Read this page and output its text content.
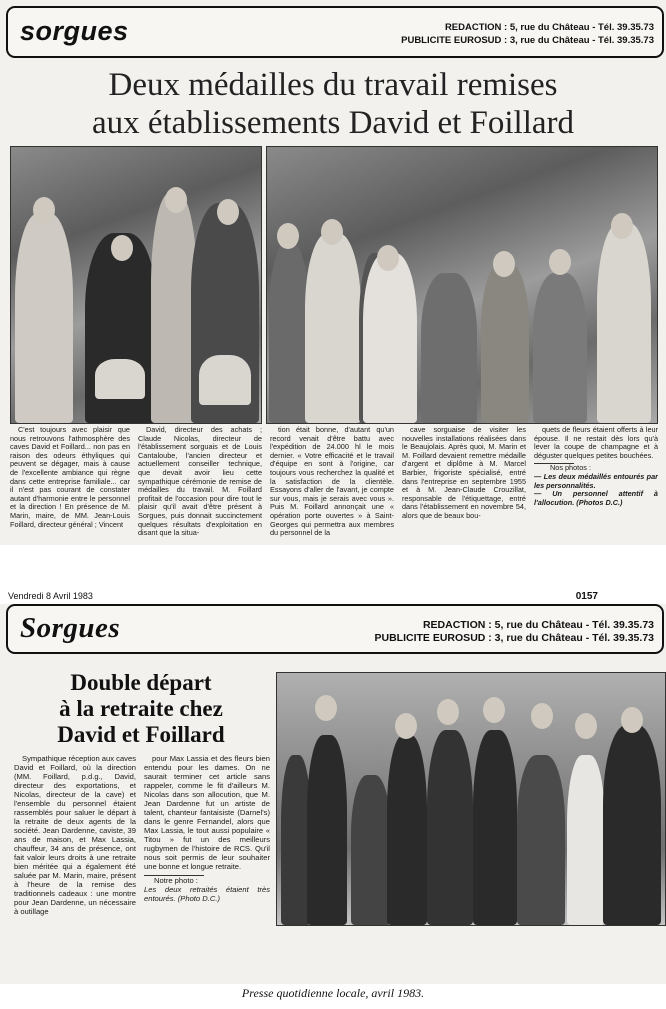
sorgues	REDACTION : 5, rue du Château - Tél. 39.35.73
PUBLICITE EUROSUD : 3, rue du Château - Tél. 39.35.73
Deux médailles du travail remises
aux établissements David et Foillard

C'est toujours avec plaisir que nous retrouvons l'athmosphère des caves David et Foillard... non pas en raison des odeurs éthyliques qui peuvent se dégager, mais à cause de l'excellente ambiance qui règne dans cette entreprise familiale... car il n'est pas courant de constater autant d'harmonie entre le personnel et la direction ! En présence de M. Marin, maire, de MM. Jean-Louis Foillard, directeur général ; Vincent

David, directeur des achats ; Claude Nicolas, directeur de l'établissement sorguais et de Louis Cantaloube, l'ancien directeur et actuellement conseiller technique, que devait avoir lieu cette sympathique cérémonie de remise de médailles du travail. M. Foillard profitait de l'occasion pour dire tout le plaisir qu'il avait d'être présent à Sorgues, puis donnait succinctement quelques résultats d'exploitation en disant que la situa-

tion était bonne, d'autant qu'un record venait d'être battu avec l'expédition de 24.000 hl le mois dernier. « Votre efficacité et le travail d'équipe en sont à l'origine, car toujours vous recherchez la qualité et la satisfaction de la clientèle. Essayons d'aller de l'avant, je compte sur vous, mais je serais avec vous ». Puis M. Foillard annonçait une « opération porte ouvertes » à Saint-Georges qui permettra aux membres du personnel de la

cave sorguaise de visiter les nouvelles installations réalisées dans le Beaujolais. Après quoi, M. Marin et M. Foillard devaient remettre médaille d'argent et diplôme à M. Marcel Barbier, frigoriste spécialisé, entré dans l'entreprise en septembre 1955 et à M. Jean-Claude Crouzillat, responsable de l'étiquettage, entré dans l'établissement en novembre 54, alors que de beaux bou-

quets de fleurs étaient offerts à leur épouse. Il ne restait dès lors qu'à lever la coupe de champagne et à déguster quelques petites bouchées.

Nos photos :
— Les deux médaillés entourés par les personnalités.
— Un personnel attentif à l'allocution. (Photos D.C.)
Vendredi 8 Avril 1983	0157
Sorgues	REDACTION : 5, rue du Château - Tél. 39.35.73
PUBLICITE EUROSUD : 3, rue du Château - Tél. 39.35.73
Double départ
à la retraite chez
David et Foillard

Sympathique réception aux caves David et Foillard, où la direction (MM. Foillard, p.d.g., David, directeur des exportations, et Nicolas, directeur de la cave) et l'ensemble du personnel étaient rassemblés pour saluer le départ à la retraite de deux agents de la société. Jean Dardenne, caviste, 39 ans de maison, et Max Lassia, chauffeur, 34 ans de présence, ont fait valoir leurs droits à une retraite bien méritée qui a également été saluée par M. Marin, maire, présent à l'heure de la remise des traditionnels cadeaux : une montre pour Jean Dardenne, un nécessaire à outillage

pour Max Lassia et des fleurs bien entendu pour les dames. On ne saurait terminer cet article sans rappeler, comme le fit d'ailleurs M. Nicolas dans son allocution, que M. Jean Dardenne fut un artiste de talent, chanteur fantaisiste (Darnel's) dans le genre Fernandel, alors que Max Lassia, le tout aussi populaire « Titou » fut un des meilleurs rugbymen de l'histoire de RCS. Qu'il nous soit permis de leur souhaiter une bonne et longue retraite.

Notre photo :
Les deux retraités étaient très entourés. (Photo D.C.)
Presse quotidienne locale, avril 1983.
